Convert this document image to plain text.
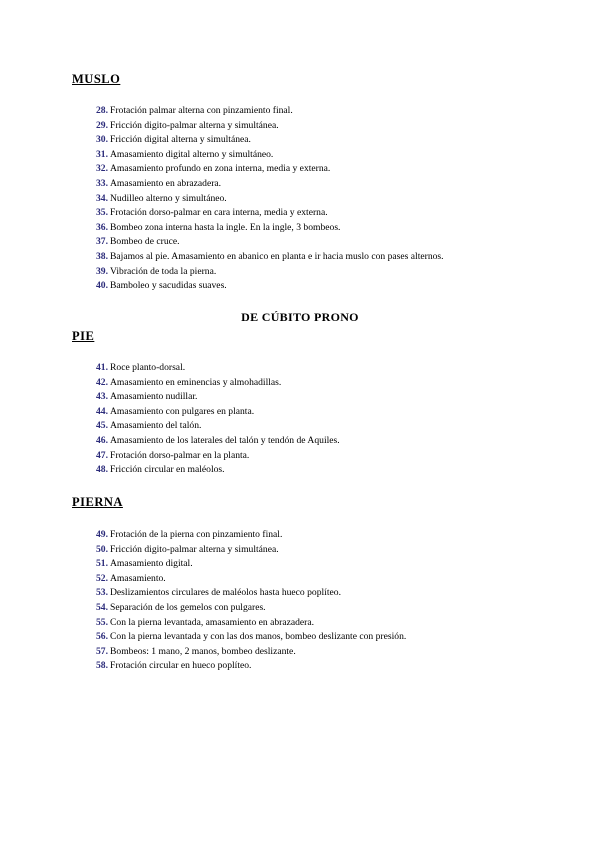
MUSLO
28. Frotación palmar alterna con pinzamiento final.
29. Fricción digito-palmar alterna y simultánea.
30. Fricción digital alterna y simultánea.
31. Amasamiento digital alterno y simultáneo.
32. Amasamiento profundo en zona interna, media y externa.
33. Amasamiento en abrazadera.
34. Nudilleo alterno y simultáneo.
35. Frotación dorso-palmar en cara interna, media y externa.
36. Bombeo zona interna hasta la ingle. En la ingle, 3 bombeos.
37. Bombeo de cruce.
38. Bajamos al pie. Amasamiento en abanico en planta e ir hacia muslo con pases alternos.
39. Vibración de toda la pierna.
40. Bamboleo y sacudidas suaves.
DE CÚBITO PRONO
PIE
41. Roce planto-dorsal.
42. Amasamiento en eminencias y almohadillas.
43. Amasamiento nudillar.
44. Amasamiento con pulgares en planta.
45. Amasamiento del talón.
46. Amasamiento de los laterales del talón y tendón de Aquiles.
47. Frotación dorso-palmar en la planta.
48. Fricción circular en maléolos.
PIERNA
49. Frotación de la pierna con pinzamiento final.
50. Fricción digito-palmar alterna y simultánea.
51. Amasamiento digital.
52. Amasamiento.
53. Deslizamientos circulares de maléolos hasta hueco poplíteo.
54. Separación de los gemelos con pulgares.
55. Con la pierna levantada, amasamiento en abrazadera.
56. Con la pierna levantada y con las dos manos, bombeo deslizante con presión.
57. Bombeos: 1 mano, 2 manos, bombeo deslizante.
58. Frotación circular en hueco poplíteo.
